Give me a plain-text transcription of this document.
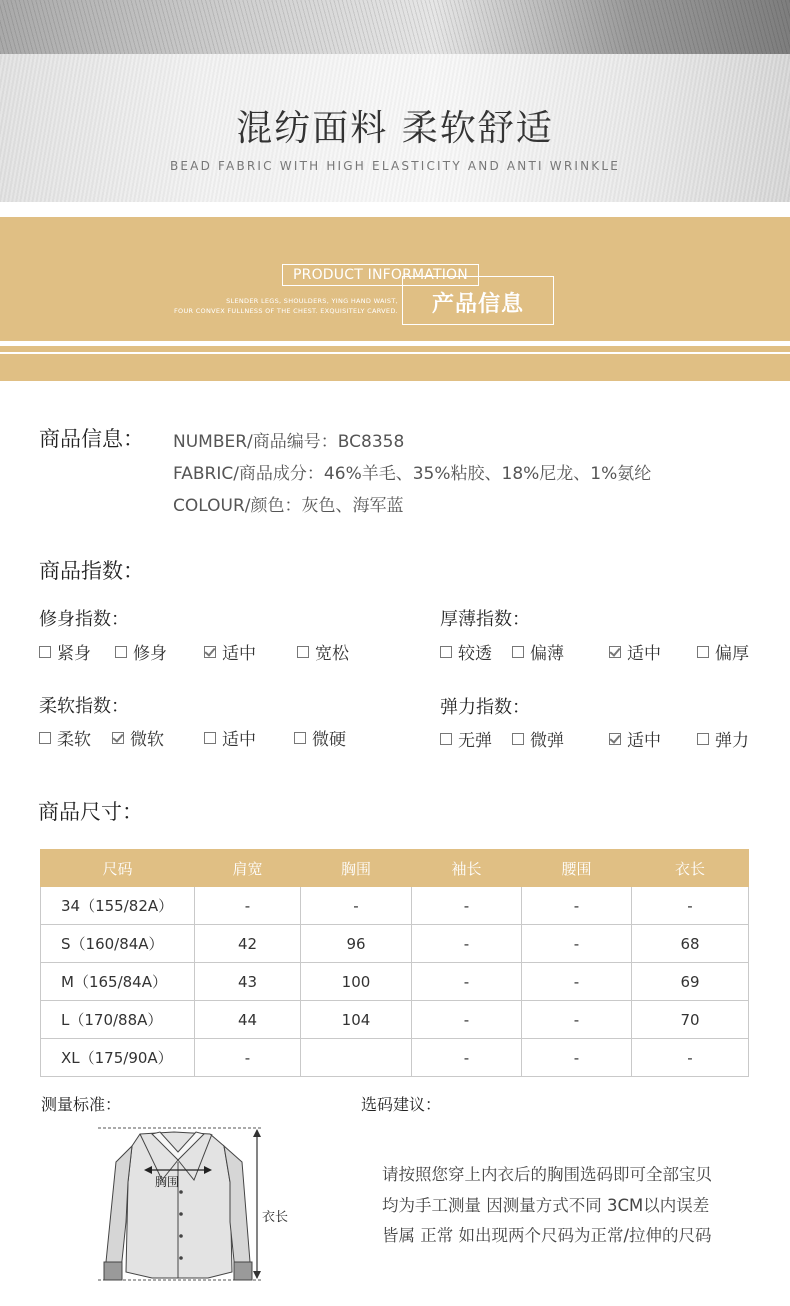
混纺面料 柔软舒适
BEAD FABRIC WITH HIGH ELASTICITY AND ANTI WRINKLE
PRODUCT INFORMATION
产品信息
SLENDER LEGS, SHOULDERS, YING HAND WAIST,
FOUR CONVEX FULLNESS OF THE CHEST. EXQUISITELY CARVED.
商品信息： NUMBER/商品编号：BC8358
FABRIC/商品成分：46%羊毛、35%粘胶、18%尼龙、1%氨纶
COLOUR/颜色：灰色、海军蓝
商品指数：
修身指数：
紧身	修身	适中	宽松
厚薄指数：
较透	偏薄	适中	偏厚
柔软指数：
柔软	微软	适中	微硬
弹力指数：
无弹	微弹	适中	弹力
商品尺寸：
尺码	肩宽	胸围	袖长	腰围	衣长
34（155/82A）	-	-	-	-	-
S（160/84A）	42	96	-	-	68
M（165/84A）	43	100	-	-	69
L（170/88A）	44	104	-	-	70
XL（175/90A）	-		-	-	-
测量标准：
胸围
衣长
选码建议：
请按照您穿上内衣后的胸围选码即可全部宝贝
均为手工测量 因测量方式不同 3CM以内误差
皆属 正常 如出现两个尺码为正常/拉伸的尺码
